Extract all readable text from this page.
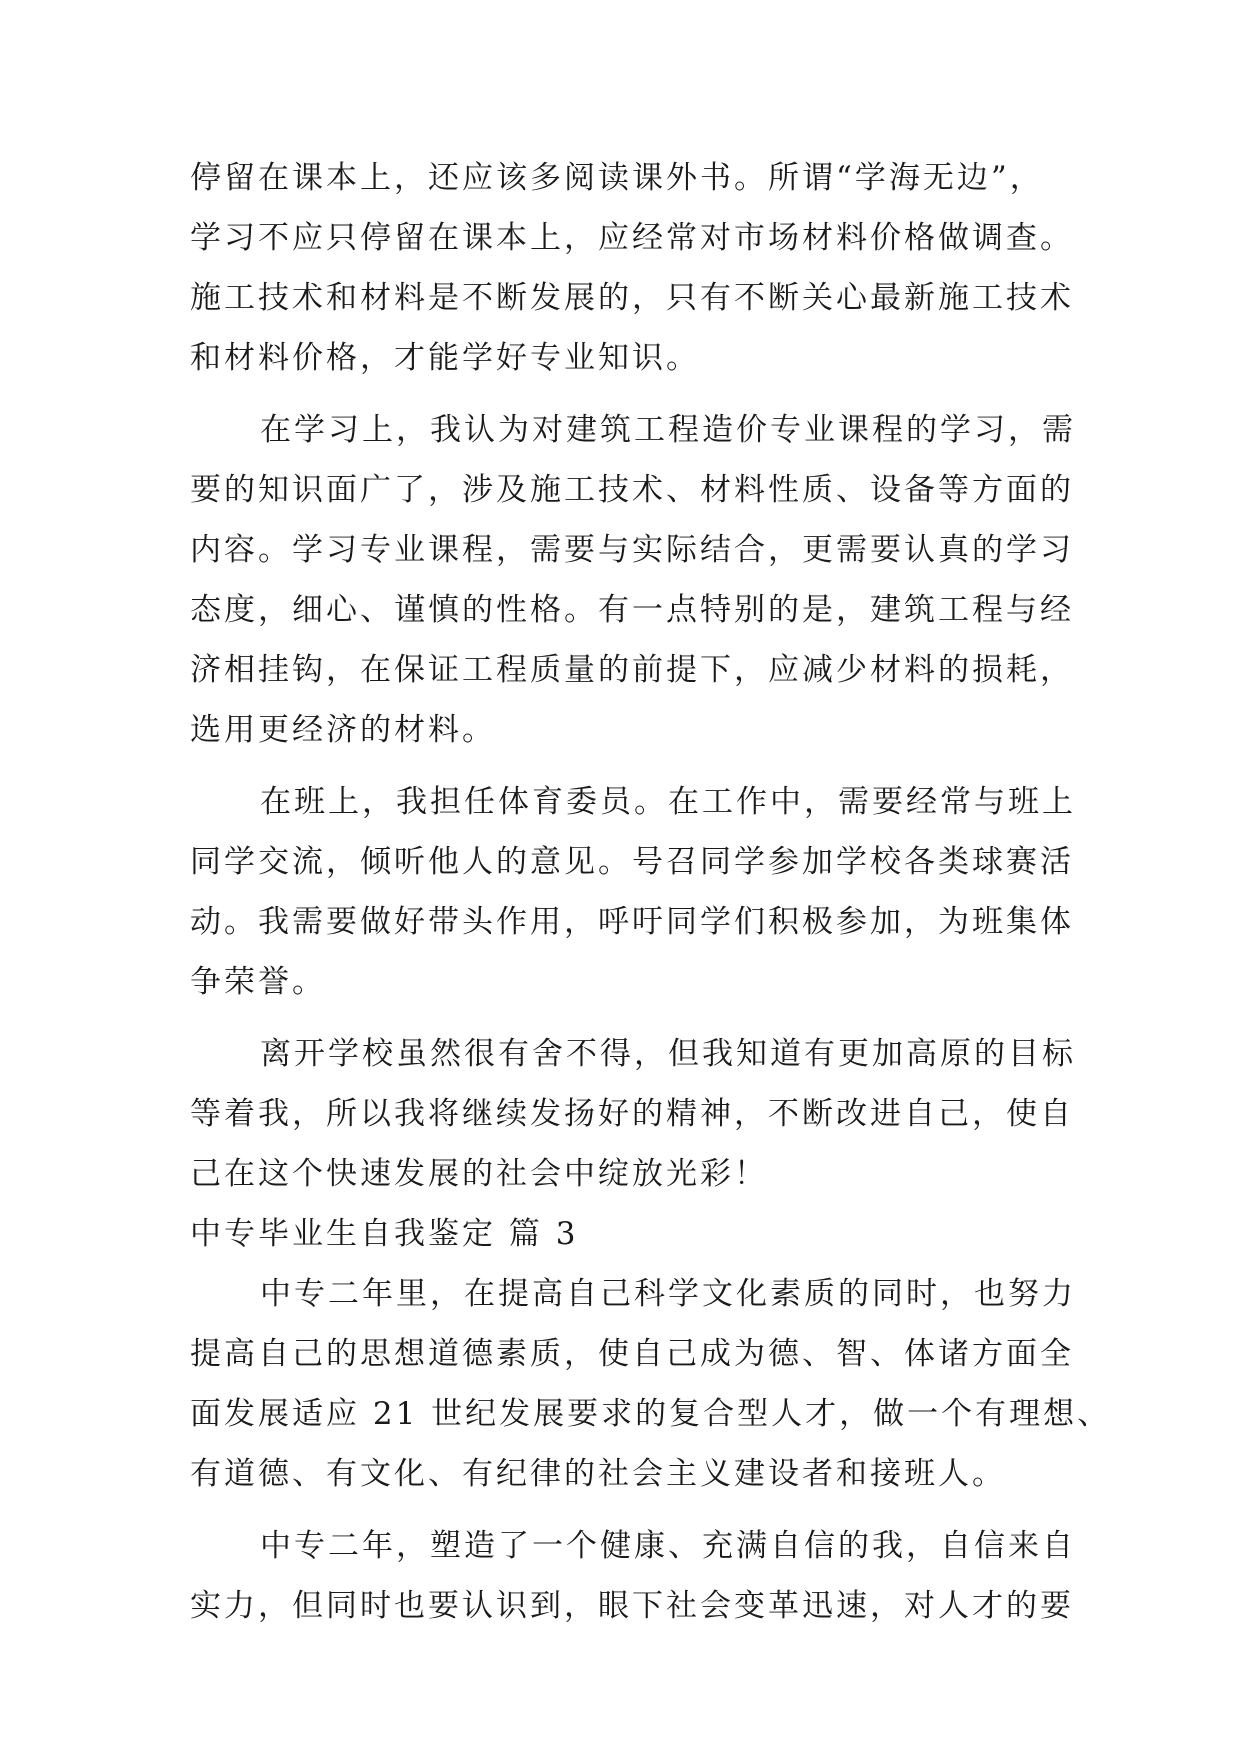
停留在课本上，还应该多阅读课外书。所谓“学海无边”，
学习不应只停留在课本上，应经常对市场材料价格做调查。
施工技术和材料是不断发展的，只有不断关心最新施工技术
和材料价格，才能学好专业知识。
在学习上，我认为对建筑工程造价专业课程的学习，需
要的知识面广了，涉及施工技术、材料性质、设备等方面的
内容。学习专业课程，需要与实际结合，更需要认真的学习
态度，细心、谨慎的性格。有一点特别的是，建筑工程与经
济相挂钩，在保证工程质量的前提下，应减少材料的损耗，
选用更经济的材料。
在班上，我担任体育委员。在工作中，需要经常与班上
同学交流，倾听他人的意见。号召同学参加学校各类球赛活
动。我需要做好带头作用，呼吁同学们积极参加，为班集体
争荣誉。
离开学校虽然很有舍不得，但我知道有更加高原的目标
等着我，所以我将继续发扬好的精神，不断改进自己，使自
己在这个快速发展的社会中绽放光彩！
中专毕业生自我鉴定 篇 3
中专二年里，在提高自己科学文化素质的同时，也努力
提高自己的思想道德素质，使自己成为德、智、体诸方面全
面发展适应 21 世纪发展要求的复合型人才，做一个有理想、
有道德、有文化、有纪律的社会主义建设者和接班人。
中专二年，塑造了一个健康、充满自信的我，自信来自
实力，但同时也要认识到，眼下社会变革迅速，对人才的要
